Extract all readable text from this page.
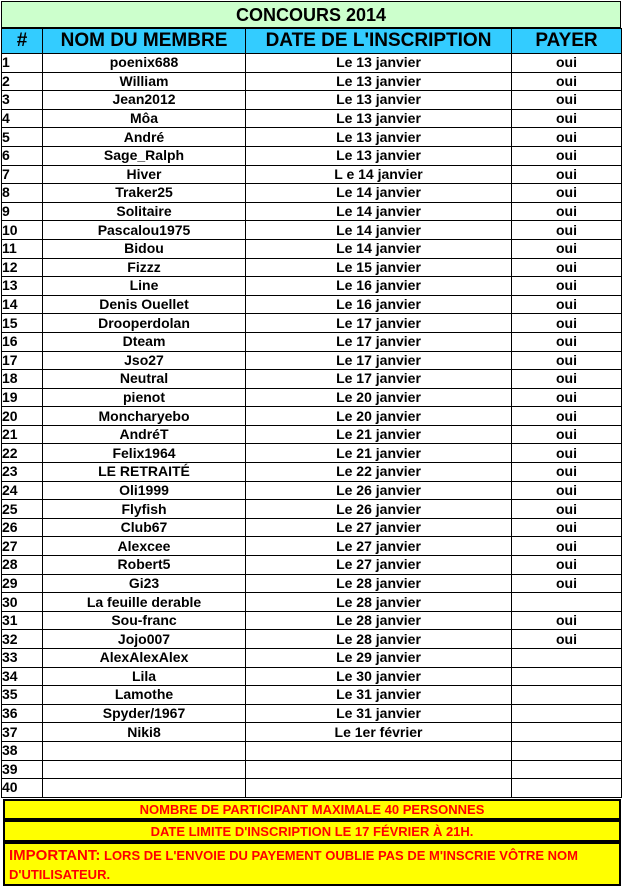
CONCOURS 2014
#	NOM DU MEMBRE	DATE DE L'INSCRIPTION	PAYER
1	poenix688	Le 13 janvier	oui
2	William	Le 13 janvier	oui
3	Jean2012	Le 13 janvier	oui
4	Môa	Le 13 janvier	oui
5	André	Le 13 janvier	oui
6	Sage_Ralph	Le 13 janvier	oui
7	Hiver	L e 14 janvier	oui
8	Traker25	Le 14 janvier	oui
9	Solitaire	Le 14 janvier	oui
10	Pascalou1975	Le 14 janvier	oui
11	Bidou	Le 14 janvier	oui
12	Fizzz	Le 15 janvier	oui
13	Line	Le 16 janvier	oui
14	Denis Ouellet	Le 16 janvier	oui
15	Drooperdolan	Le 17 janvier	oui
16	Dteam	Le 17 janvier	oui
17	Jso27	Le 17 janvier	oui
18	Neutral	Le 17 janvier	oui
19	pienot	Le 20 janvier	oui
20	Moncharyebo	Le 20 janvier	oui
21	AndréT	Le 21 janvier	oui
22	Felix1964	Le 21 janvier	oui
23	LE RETRAITÉ	Le 22 janvier	oui
24	Oli1999	Le 26 janvier	oui
25	Flyfish	Le 26 janvier	oui
26	Club67	Le 27 janvier	oui
27	Alexcee	Le 27 janvier	oui
28	Robert5	Le 27 janvier	oui
29	Gi23	Le 28 janvier	oui
30	La feuille derable	Le 28 janvier	
31	Sou-franc	Le 28 janvier	oui
32	Jojo007	Le 28 janvier	oui
33	AlexAlexAlex	Le 29 janvier	
34	Lila	Le 30 janvier	
35	Lamothe	Le 31 janvier	
36	Spyder/1967	Le 31 janvier	
37	Niki8	Le 1er février	
38			
39			
40			
NOMBRE DE PARTICIPANT MAXIMALE 40 PERSONNES
DATE LIMITE D'INSCRIPTION LE 17 FÉVRIER À 21H.
IMPORTANT: LORS DE L'ENVOIE DU PAYEMENT OUBLIE PAS DE M'INSCRIE VÔTRE NOM D'UTILISATEUR.
